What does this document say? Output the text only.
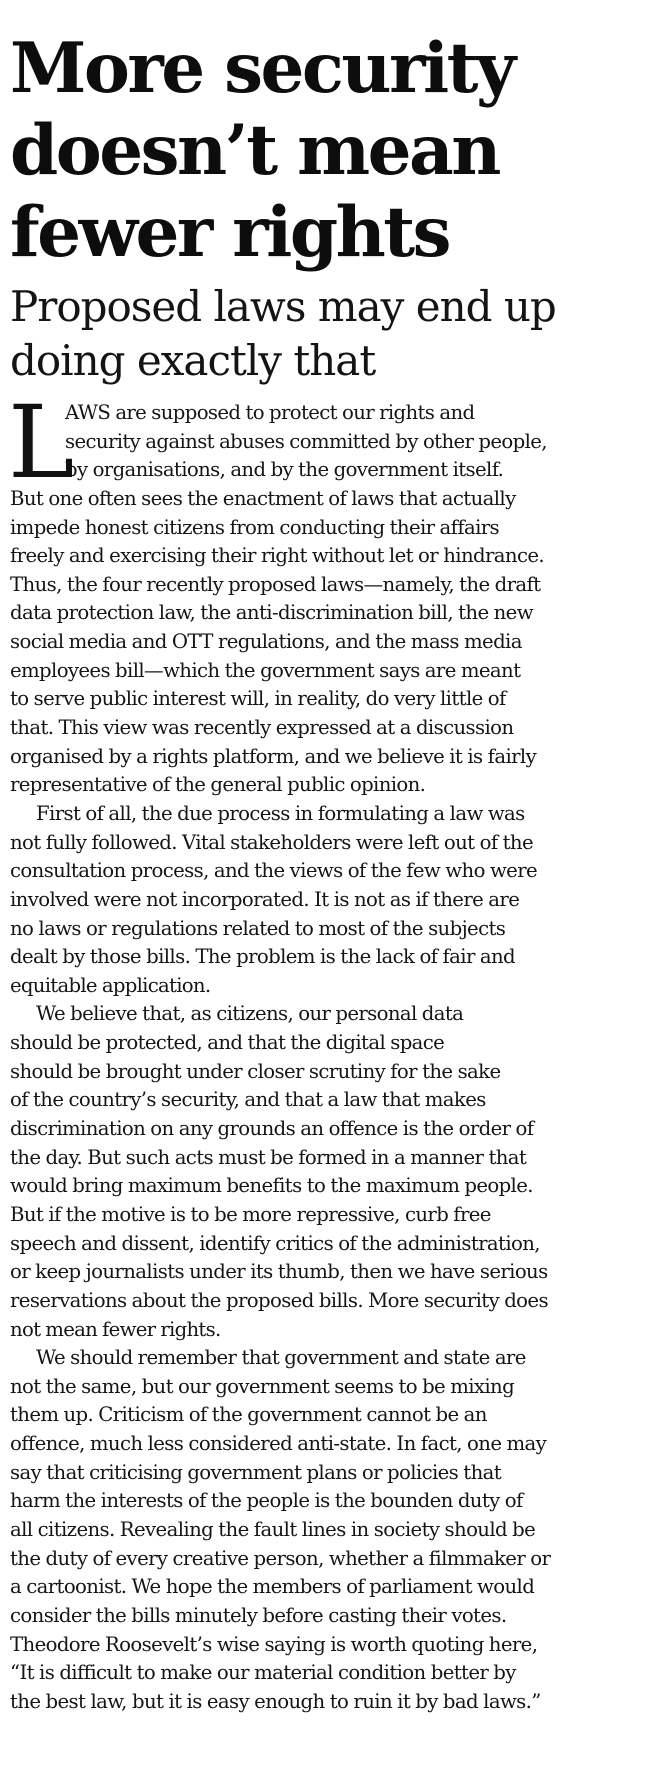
More security
doesn’t mean
fewer rights
Proposed laws may end up
doing exactly that
L
AWS are supposed to protect our rights and
security against abuses committed by other people,
by organisations, and by the government itself.
But one often sees the enactment of laws that actually
impede honest citizens from conducting their affairs
freely and exercising their right without let or hindrance.
Thus, the four recently proposed laws—namely, the draft
data protection law, the anti-discrimination bill, the new
social media and OTT regulations, and the mass media
employees bill—which the government says are meant
to serve public interest will, in reality, do very little of
that. This view was recently expressed at a discussion
organised by a rights platform, and we believe it is fairly
representative of the general public opinion.
First of all, the due process in formulating a law was
not fully followed. Vital stakeholders were left out of the
consultation process, and the views of the few who were
involved were not incorporated. It is not as if there are
no laws or regulations related to most of the subjects
dealt by those bills. The problem is the lack of fair and
equitable application.
We believe that, as citizens, our personal data
should be protected, and that the digital space
should be brought under closer scrutiny for the sake
of the country’s security, and that a law that makes
discrimination on any grounds an offence is the order of
the day. But such acts must be formed in a manner that
would bring maximum benefits to the maximum people.
But if the motive is to be more repressive, curb free
speech and dissent, identify critics of the administration,
or keep journalists under its thumb, then we have serious
reservations about the proposed bills. More security does
not mean fewer rights.
We should remember that government and state are
not the same, but our government seems to be mixing
them up. Criticism of the government cannot be an
offence, much less considered anti-state. In fact, one may
say that criticising government plans or policies that
harm the interests of the people is the bounden duty of
all citizens. Revealing the fault lines in society should be
the duty of every creative person, whether a filmmaker or
a cartoonist. We hope the members of parliament would
consider the bills minutely before casting their votes.
Theodore Roosevelt’s wise saying is worth quoting here,
“It is difficult to make our material condition better by
the best law, but it is easy enough to ruin it by bad laws.”
